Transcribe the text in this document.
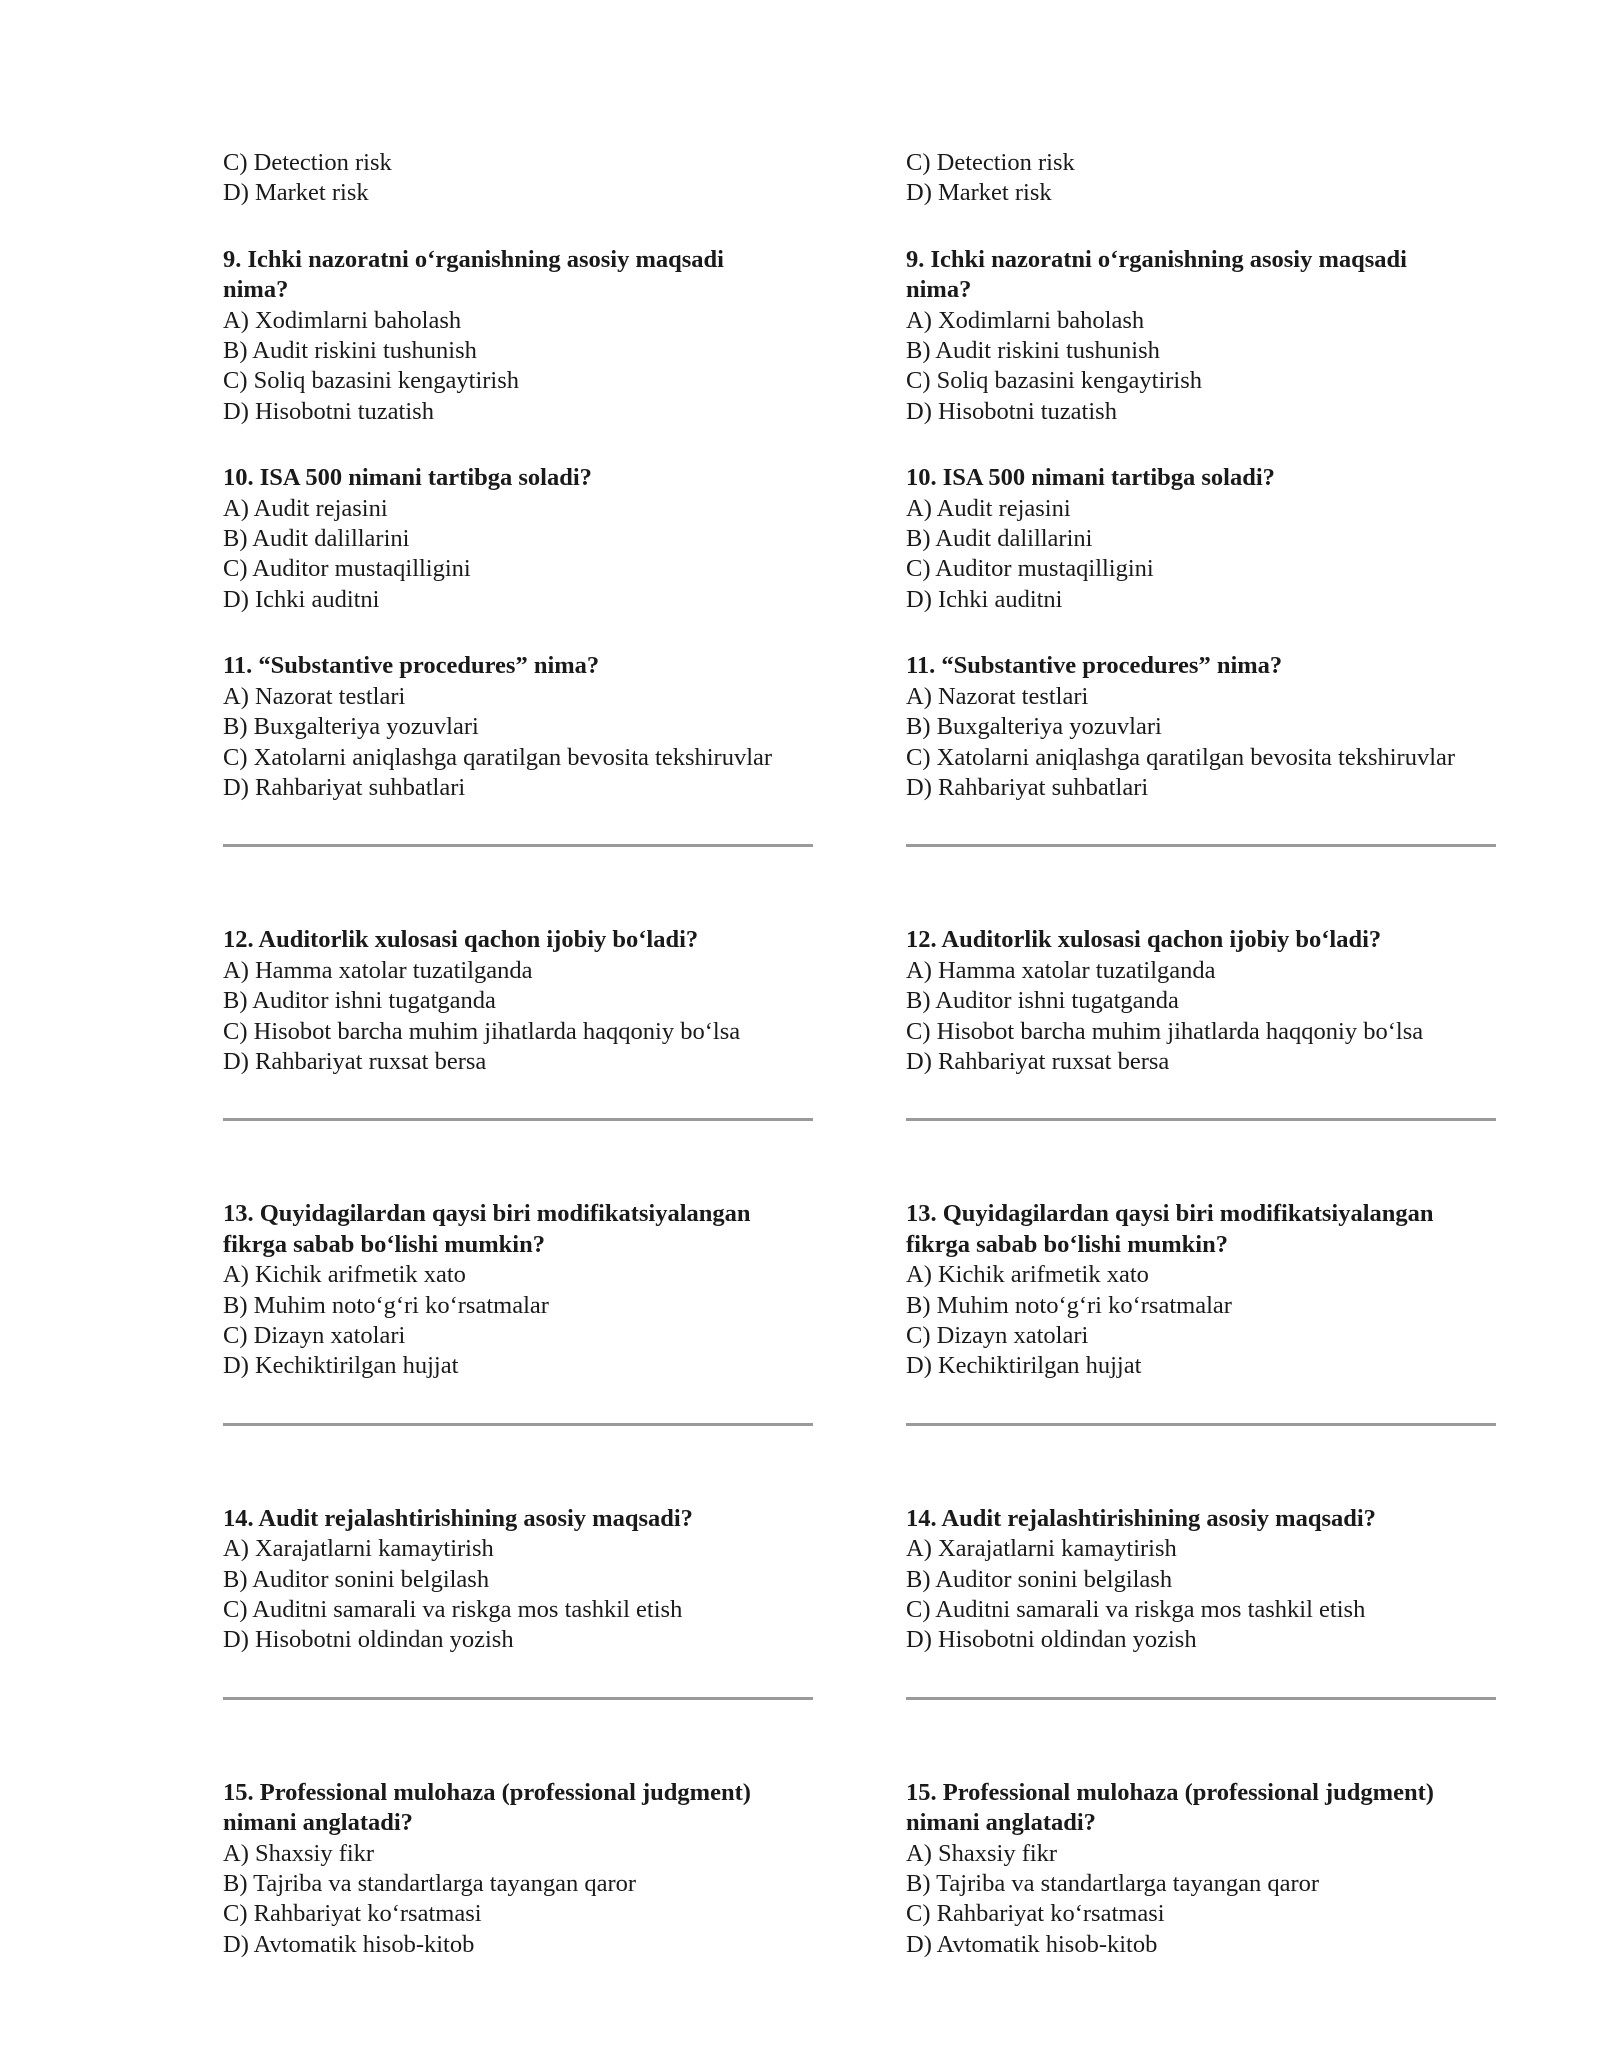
C) Detection risk
D) Market risk
9. Ichki nazoratni o‘rganishning asosiy maqsadi
nima?
A) Xodimlarni baholash
B) Audit riskini tushunish
C) Soliq bazasini kengaytirish
D) Hisobotni tuzatish
10. ISA 500 nimani tartibga soladi?
A) Audit rejasini
B) Audit dalillarini
C) Auditor mustaqilligini
D) Ichki auditni
11. “Substantive procedures” nima?
A) Nazorat testlari
B) Buxgalteriya yozuvlari
C) Xatolarni aniqlashga qaratilgan bevosita tekshiruvlar
D) Rahbariyat suhbatlari
12. Auditorlik xulosasi qachon ijobiy bo‘ladi?
A) Hamma xatolar tuzatilganda
B) Auditor ishni tugatganda
C) Hisobot barcha muhim jihatlarda haqqoniy bo‘lsa
D) Rahbariyat ruxsat bersa
13. Quyidagilardan qaysi biri modifikatsiyalangan
fikrga sabab bo‘lishi mumkin?
A) Kichik arifmetik xato
B) Muhim noto‘g‘ri ko‘rsatmalar
C) Dizayn xatolari
D) Kechiktirilgan hujjat
14. Audit rejalashtirishining asosiy maqsadi?
A) Xarajatlarni kamaytirish
B) Auditor sonini belgilash
C) Auditni samarali va riskga mos tashkil etish
D) Hisobotni oldindan yozish
15. Professional mulohaza (professional judgment)
nimani anglatadi?
A) Shaxsiy fikr
B) Tajriba va standartlarga tayangan qaror
C) Rahbariyat ko‘rsatmasi
D) Avtomatik hisob-kitob
C) Detection risk
D) Market risk
9. Ichki nazoratni o‘rganishning asosiy maqsadi
nima?
A) Xodimlarni baholash
B) Audit riskini tushunish
C) Soliq bazasini kengaytirish
D) Hisobotni tuzatish
10. ISA 500 nimani tartibga soladi?
A) Audit rejasini
B) Audit dalillarini
C) Auditor mustaqilligini
D) Ichki auditni
11. “Substantive procedures” nima?
A) Nazorat testlari
B) Buxgalteriya yozuvlari
C) Xatolarni aniqlashga qaratilgan bevosita tekshiruvlar
D) Rahbariyat suhbatlari
12. Auditorlik xulosasi qachon ijobiy bo‘ladi?
A) Hamma xatolar tuzatilganda
B) Auditor ishni tugatganda
C) Hisobot barcha muhim jihatlarda haqqoniy bo‘lsa
D) Rahbariyat ruxsat bersa
13. Quyidagilardan qaysi biri modifikatsiyalangan
fikrga sabab bo‘lishi mumkin?
A) Kichik arifmetik xato
B) Muhim noto‘g‘ri ko‘rsatmalar
C) Dizayn xatolari
D) Kechiktirilgan hujjat
14. Audit rejalashtirishining asosiy maqsadi?
A) Xarajatlarni kamaytirish
B) Auditor sonini belgilash
C) Auditni samarali va riskga mos tashkil etish
D) Hisobotni oldindan yozish
15. Professional mulohaza (professional judgment)
nimani anglatadi?
A) Shaxsiy fikr
B) Tajriba va standartlarga tayangan qaror
C) Rahbariyat ko‘rsatmasi
D) Avtomatik hisob-kitob
